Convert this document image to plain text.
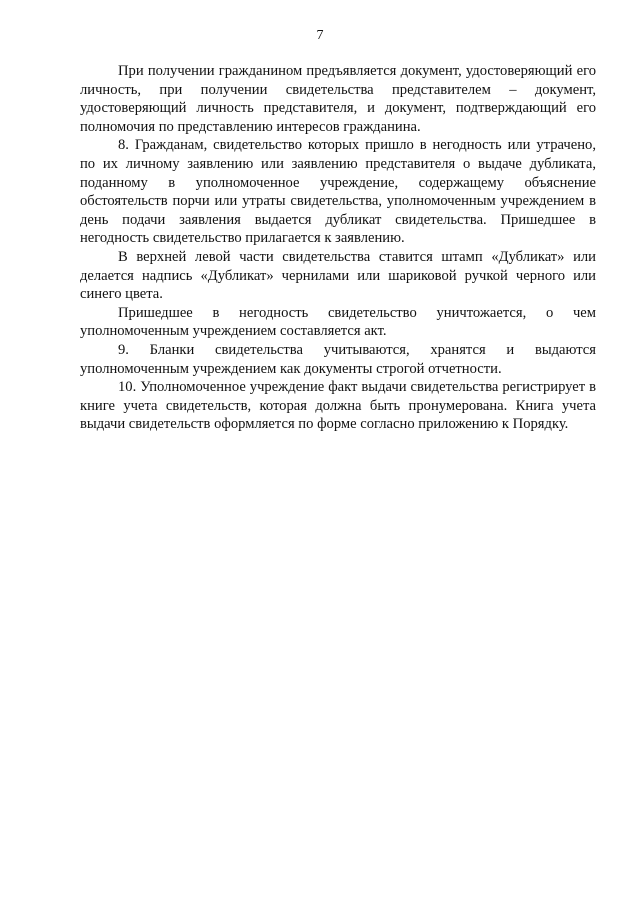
7

При получении гражданином предъявляется документ, удостоверяющий его личность, при получении свидетельства представителем – документ, удостоверяющий личность представителя, и документ, подтверждающий его полномочия по представлению интересов гражданина.

8. Гражданам, свидетельство которых пришло в негодность или утрачено, по их личному заявлению или заявлению представителя о выдаче дубликата, поданному в уполномоченное учреждение, содержащему объяснение обстоятельств порчи или утраты свидетельства, уполномоченным учреждением в день подачи заявления выдается дубликат свидетельства. Пришедшее в негодность свидетельство прилагается к заявлению.

В верхней левой части свидетельства ставится штамп «Дубликат» или делается надпись «Дубликат» чернилами или шариковой ручкой черного или синего цвета.

Пришедшее в негодность свидетельство уничтожается, о чем уполномоченным учреждением составляется акт.

9. Бланки свидетельства учитываются, хранятся и выдаются уполномоченным учреждением как документы строгой отчетности.

10. Уполномоченное учреждение факт выдачи свидетельства регистрирует в книге учета свидетельств, которая должна быть пронумерована. Книга учета выдачи свидетельств оформляется по форме согласно приложению к Порядку.
